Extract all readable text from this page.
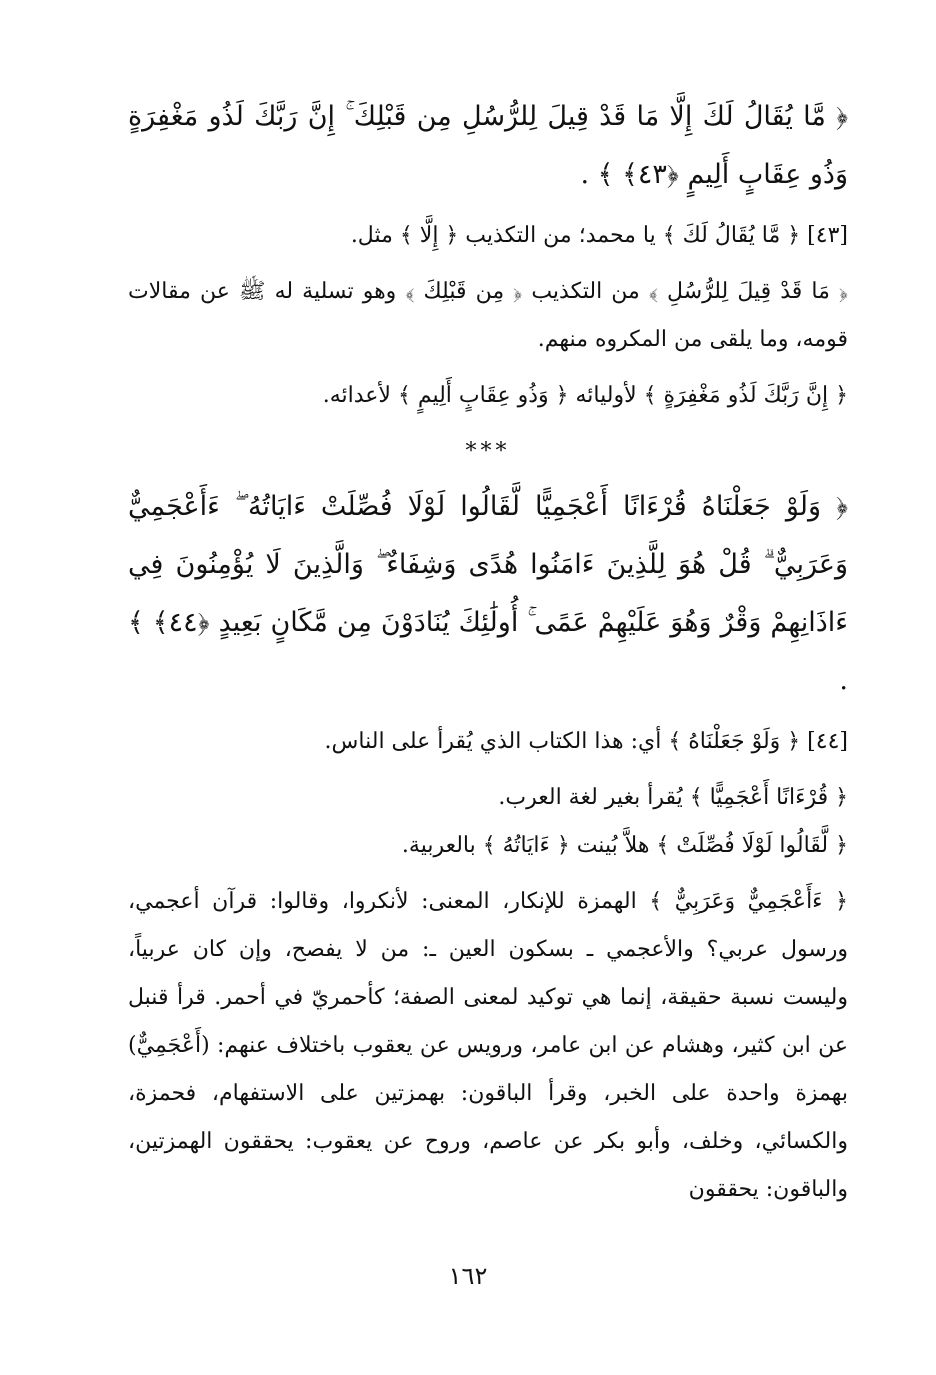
﴿ مَّا يُقَالُ لَكَ إِلَّا مَا قَدْ قِيلَ لِلرُّسُلِ مِن قَبْلِكَ ۚ إِنَّ رَبَّكَ لَذُو مَغْفِرَةٍ وَذُو عِقَابٍ أَلِيمٍ ﴿٤٣﴾ ﴾ .

[٤٣] ﴿ مَّا يُقَالُ لَكَ ﴾ يا محمد؛ من التكذيب ﴿ إِلَّا ﴾ مثل.

﴿ مَا قَدْ قِيلَ لِلرُّسُلِ ﴾ من التكذيب ﴿ مِن قَبْلِكَ ﴾ وهو تسلية له ﷺ عن مقالات قومه، وما يلقى من المكروه منهم.

﴿ إِنَّ رَبَّكَ لَذُو مَغْفِرَةٍ ﴾ لأوليائه ﴿ وَذُو عِقَابٍ أَلِيمٍ ﴾ لأعدائه.

***

﴿ وَلَوْ جَعَلْنَاهُ قُرْءَانًا أَعْجَمِيًّا لَّقَالُوا لَوْلَا فُصِّلَتْ ءَايَاتُهُ ۖ ءَأَعْجَمِيٌّ وَعَرَبِيٌّ ۗ قُلْ هُوَ لِلَّذِينَ ءَامَنُوا هُدًى وَشِفَاءٌ ۖ وَالَّذِينَ لَا يُؤْمِنُونَ فِي ءَاذَانِهِمْ وَقْرٌ وَهُوَ عَلَيْهِمْ عَمًى ۚ أُولَٰئِكَ يُنَادَوْنَ مِن مَّكَانٍ بَعِيدٍ ﴿٤٤﴾ ﴾ .

[٤٤] ﴿ وَلَوْ جَعَلْنَاهُ ﴾ أي: هذا الكتاب الذي يُقرأ على الناس.

﴿ قُرْءَانًا أَعْجَمِيًّا ﴾ يُقرأ بغير لغة العرب.

﴿ لَّقَالُوا لَوْلَا فُصِّلَتْ ﴾ هلاَّ بُينت ﴿ ءَايَاتُهُ ﴾ بالعربية.

﴿ ءَأَعْجَمِيٌّ وَعَرَبِيٌّ ﴾ الهمزة للإنكار، المعنى: لأنكروا، وقالوا: قرآن أعجمي، ورسول عربي؟ والأعجمي ـ بسكون العين ـ: من لا يفصح، وإن كان عربياً، وليست نسبة حقيقة، إنما هي توكيد لمعنى الصفة؛ كأحمريّ في أحمر. قرأ قنبل عن ابن كثير، وهشام عن ابن عامر، ورويس عن يعقوب باختلاف عنهم: (أَعْجَمِيٌّ) بهمزة واحدة على الخبر، وقرأ الباقون: بهمزتين على الاستفهام، فحمزة، والكسائي، وخلف، وأبو بكر عن عاصم، وروح عن يعقوب: يحققون الهمزتين، والباقون: يحققون

١٦٢
